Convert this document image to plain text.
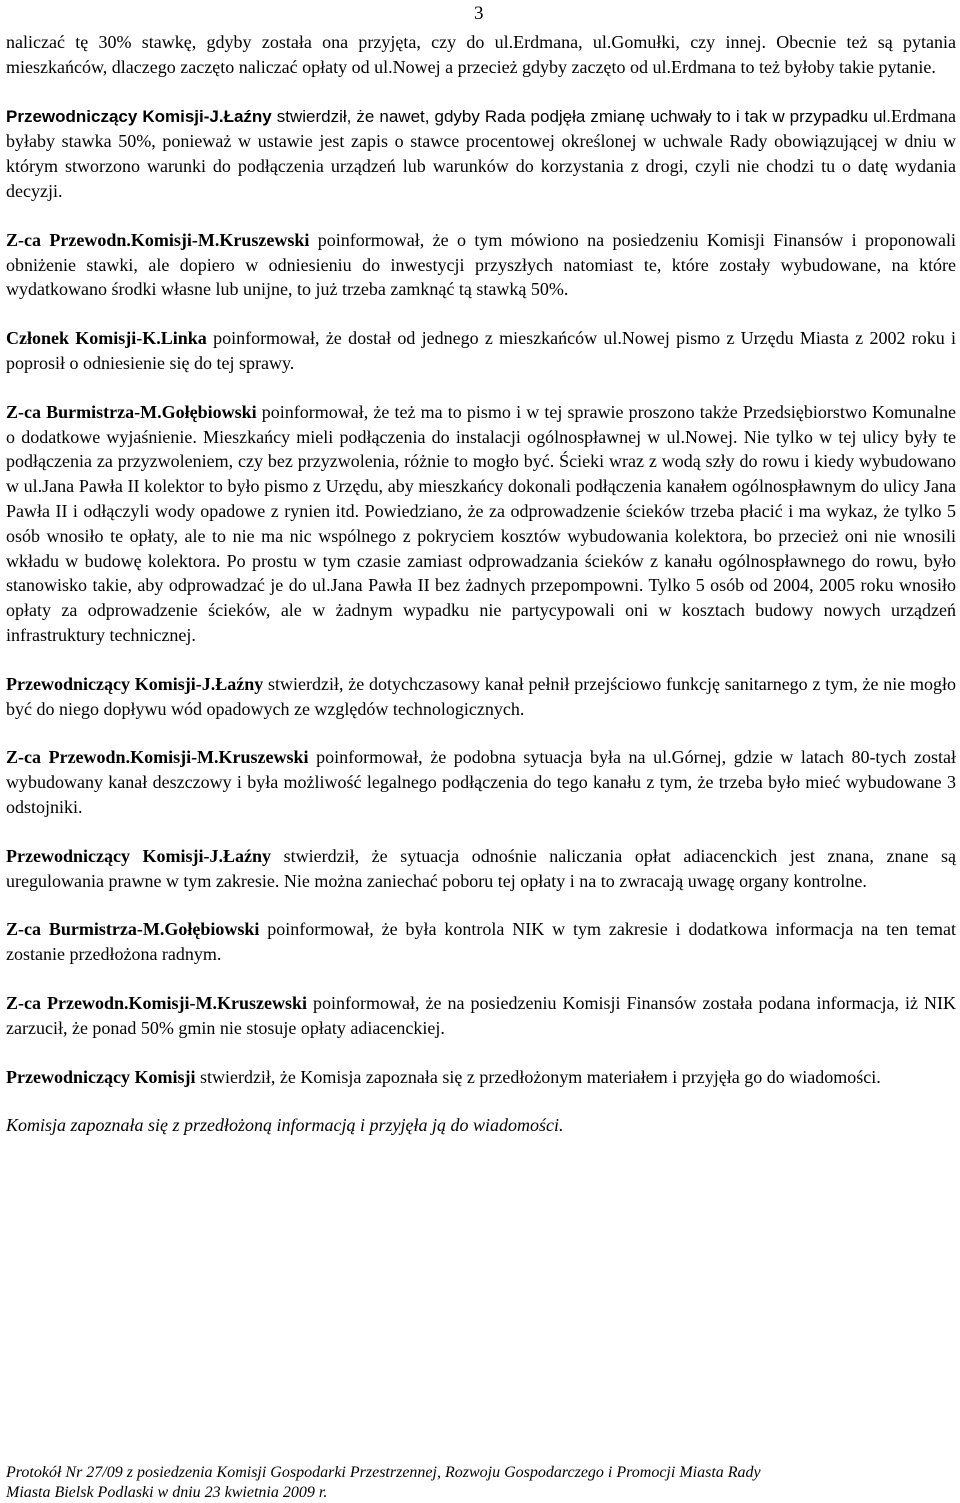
3

naliczać tę 30% stawkę, gdyby została ona przyjęta, czy do ul.Erdmana, ul.Gomułki, czy innej. Obecnie też są pytania mieszkańców, dlaczego zaczęto naliczać opłaty od ul.Nowej a przecież gdyby zaczęto od ul.Erdmana to też byłoby takie pytanie.

Przewodniczący Komisji-J.Łaźny stwierdził, że nawet, gdyby Rada podjęła zmianę uchwały to i tak w przypadku ul.Erdmana byłaby stawka 50%, ponieważ w ustawie jest zapis o stawce procentowej określonej w uchwale Rady obowiązującej w dniu w którym stworzono warunki do podłączenia urządzeń lub warunków do korzystania z drogi, czyli nie chodzi tu o datę wydania decyzji.

Z-ca Przewodn.Komisji-M.Kruszewski poinformował, że o tym mówiono na posiedzeniu Komisji Finansów i proponowali obniżenie stawki, ale dopiero w odniesieniu do inwestycji przyszłych natomiast te, które zostały wybudowane, na które wydatkowano środki własne lub unijne, to już trzeba zamknąć tą stawką 50%.

Członek Komisji-K.Linka poinformował, że dostał od jednego z mieszkańców ul.Nowej pismo z Urzędu Miasta z 2002 roku i poprosił o odniesienie się do tej sprawy.

Z-ca Burmistrza-M.Gołębiowski poinformował, że też ma to pismo i w tej sprawie proszono także Przedsiębiorstwo Komunalne o dodatkowe wyjaśnienie. Mieszkańcy mieli podłączenia do instalacji ogólnospławnej w ul.Nowej. Nie tylko w tej ulicy były te podłączenia za przyzwoleniem, czy bez przyzwolenia, różnie to mogło być. Ścieki wraz z wodą szły do rowu i kiedy wybudowano w ul.Jana Pawła II kolektor to było pismo z Urzędu, aby mieszkańcy dokonali podłączenia kanałem ogólnospławnym do ulicy Jana Pawła II i odłączyli wody opadowe z rynien itd. Powiedziano, że za odprowadzenie ścieków trzeba płacić i ma wykaz, że tylko 5 osób wnosiło te opłaty, ale to nie ma nic wspólnego z pokryciem kosztów wybudowania kolektora, bo przecież oni nie wnosili wkładu w budowę kolektora. Po prostu w tym czasie zamiast odprowadzania ścieków z kanału ogólnospławnego do rowu, było stanowisko takie, aby odprowadzać je do ul.Jana Pawła II bez żadnych przepompowni. Tylko 5 osób od 2004, 2005 roku wnosiło opłaty za odprowadzenie ścieków, ale w żadnym wypadku nie partycypowali oni w kosztach budowy nowych urządzeń infrastruktury technicznej.

Przewodniczący Komisji-J.Łaźny stwierdził, że dotychczasowy kanał pełnił przejściowo funkcję sanitarnego z tym, że nie mogło być do niego dopływu wód opadowych ze względów technologicznych.

Z-ca Przewodn.Komisji-M.Kruszewski poinformował, że podobna sytuacja była na ul.Górnej, gdzie w latach 80-tych został wybudowany kanał deszczowy i była możliwość legalnego podłączenia do tego kanału z tym, że trzeba było mieć wybudowane 3 odstojniki.

Przewodniczący Komisji-J.Łaźny stwierdził, że sytuacja odnośnie naliczania opłat adiacenckich jest znana, znane są uregulowania prawne w tym zakresie. Nie można zaniechać poboru tej opłaty i na to zwracają uwagę organy kontrolne.

Z-ca Burmistrza-M.Gołębiowski poinformował, że była kontrola NIK w tym zakresie i dodatkowa informacja na ten temat zostanie przedłożona radnym.

Z-ca Przewodn.Komisji-M.Kruszewski poinformował, że na posiedzeniu Komisji Finansów została podana informacja, iż NIK zarzucił, że ponad 50% gmin nie stosuje opłaty adiacenckiej.

Przewodniczący Komisji stwierdził, że Komisja zapoznała się z przedłożonym materiałem i przyjęła go do wiadomości.

Komisja zapoznała się z przedłożoną informacją i przyjęła ją do wiadomości.

Protokół Nr 27/09 z posiedzenia Komisji Gospodarki Przestrzennej, Rozwoju Gospodarczego i Promocji Miasta Rady
Miasta Bielsk Podlaski w dniu 23 kwietnia 2009 r.
